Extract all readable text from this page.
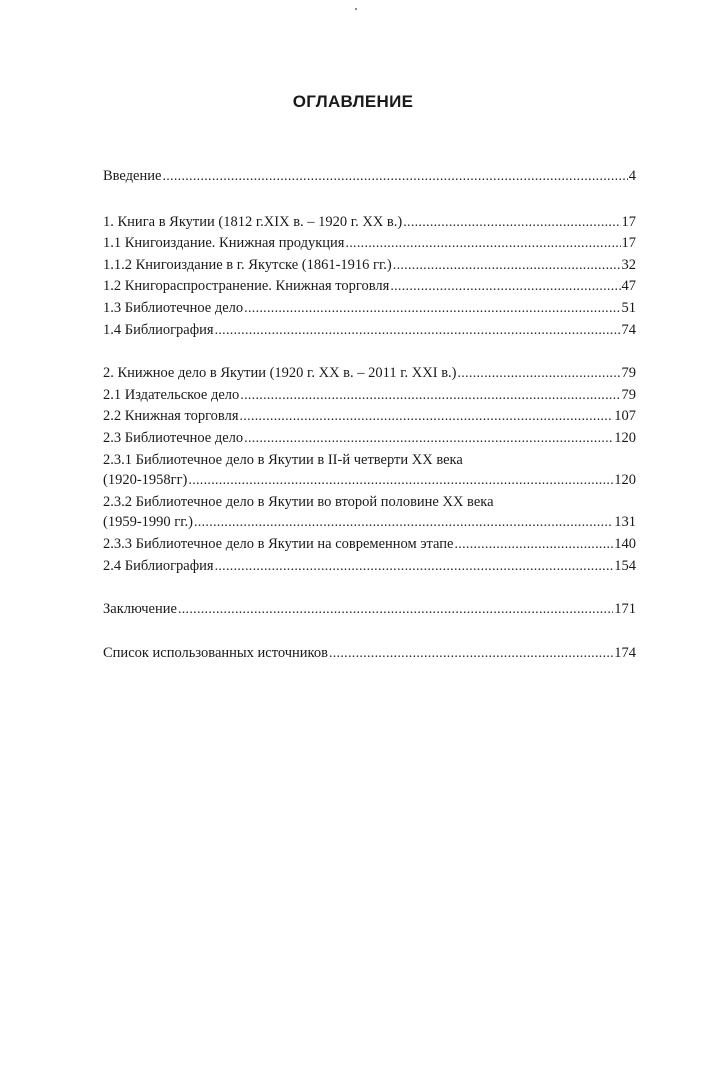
ОГЛАВЛЕНИЕ
Введение . . .	4
1. Книга в Якутии (1812 г.XIX в. – 1920 г. XX в.) . . .	17
1.1 Книгоиздание. Книжная продукция . . .	17
1.1.2 Книгоиздание в г. Якутске (1861-1916 гг.) . . .	32
1.2 Книгораспространение. Книжная торговля . . .	47
1.3 Библиотечное дело . . .	51
1.4 Библиография . . .	74
2. Книжное дело в Якутии (1920 г. XX в. – 2011 г. XXI в.) . . .	79
2.1 Издательское дело . . .	79
2.2 Книжная торговля . . .	107
2.3 Библиотечное дело . . .	120
2.3.1 Библиотечное дело в Якутии в II-й четверти XX века
(1920-1958гг) . . .	120
2.3.2 Библиотечное дело в Якутии во второй половине XX века
(1959-1990 гг.) . . .	131
2.3.3 Библиотечное дело в Якутии на современном этапе . . .	140
2.4 Библиография . . .	154
Заключение . . .	171
Список использованных источников . . .	174
